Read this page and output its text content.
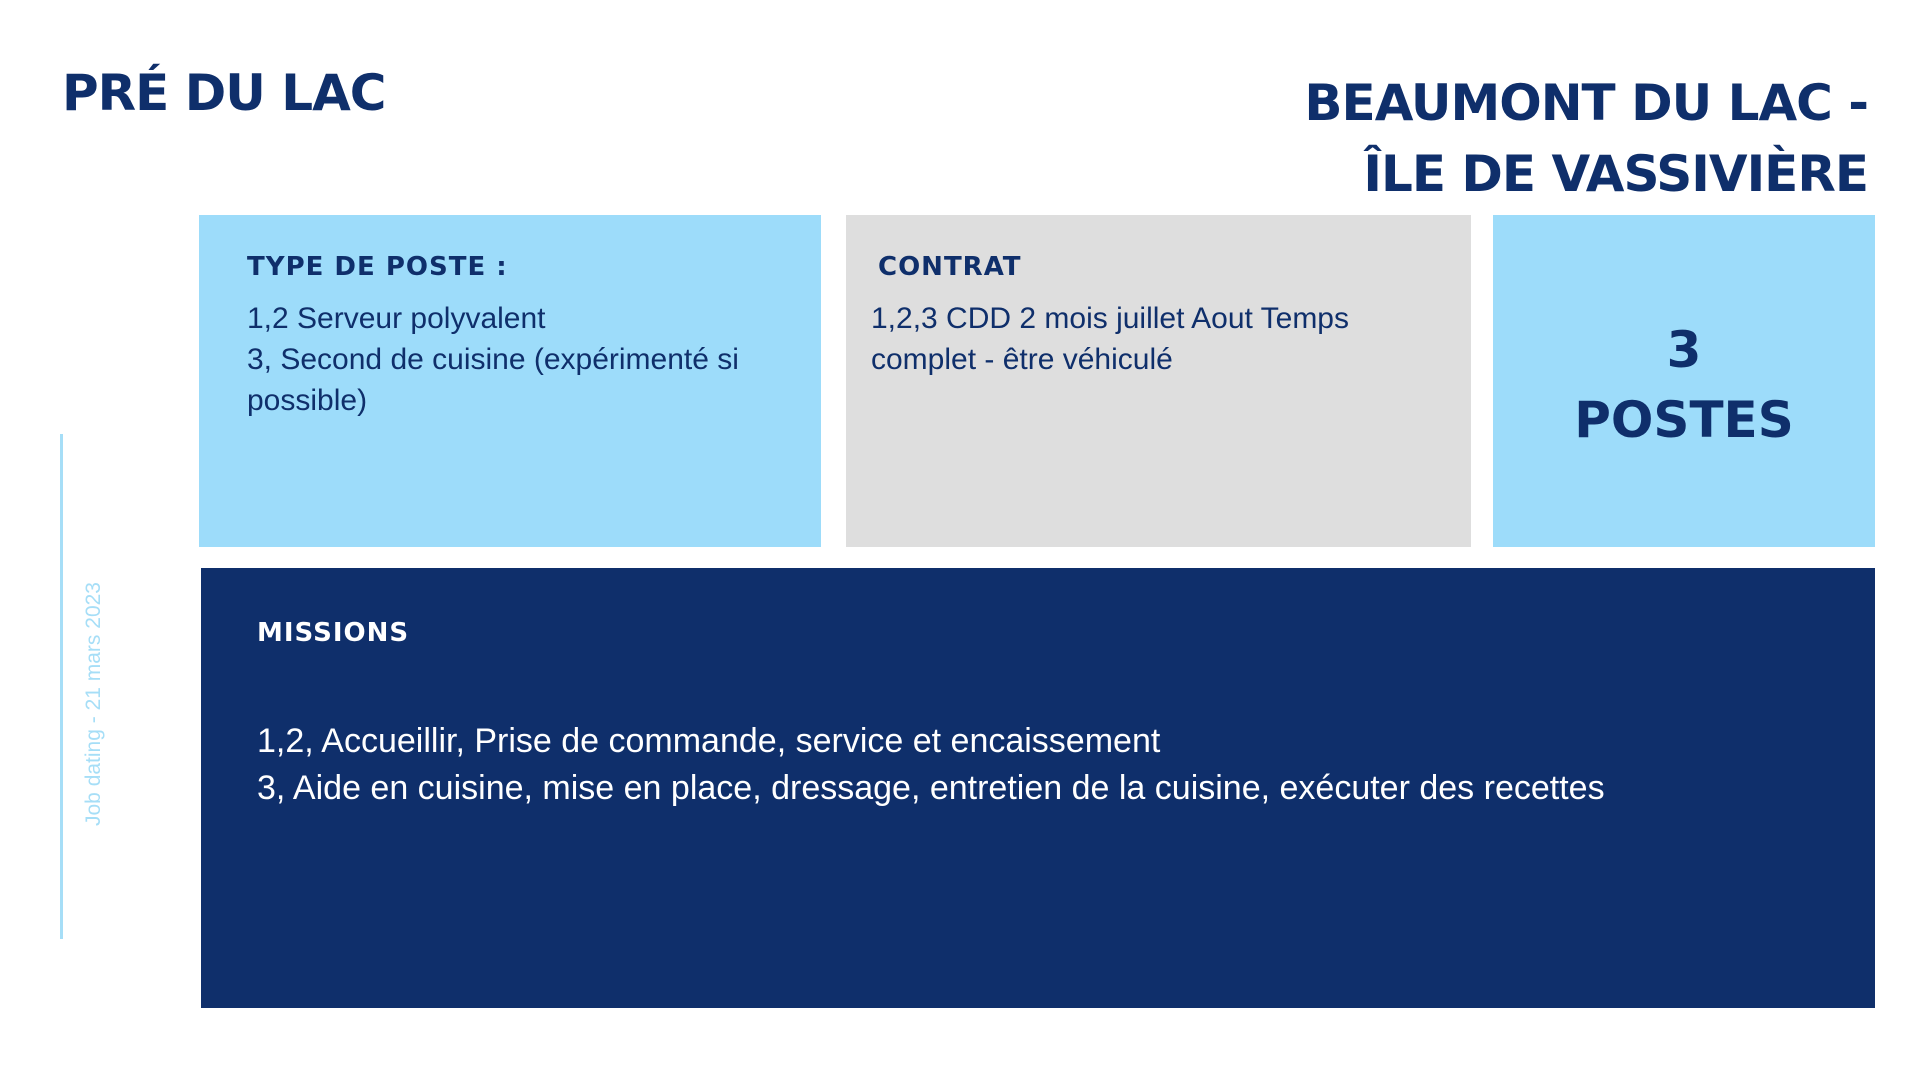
PRÉ DU LAC	BEAUMONT DU LAC -
ÎLE DE VASSIVIÈRE
Job dating - 21 mars 2023
TYPE DE POSTE :
1,2 Serveur polyvalent
3, Second de cuisine (expérimenté si possible)
CONTRAT
1,2,3 CDD 2 mois juillet Aout Temps complet - être véhiculé	3
POSTES
MISSIONS
1,2, Accueillir, Prise de commande, service et encaissement
3, Aide en cuisine, mise en place, dressage, entretien de la cuisine, exécuter des recettes
